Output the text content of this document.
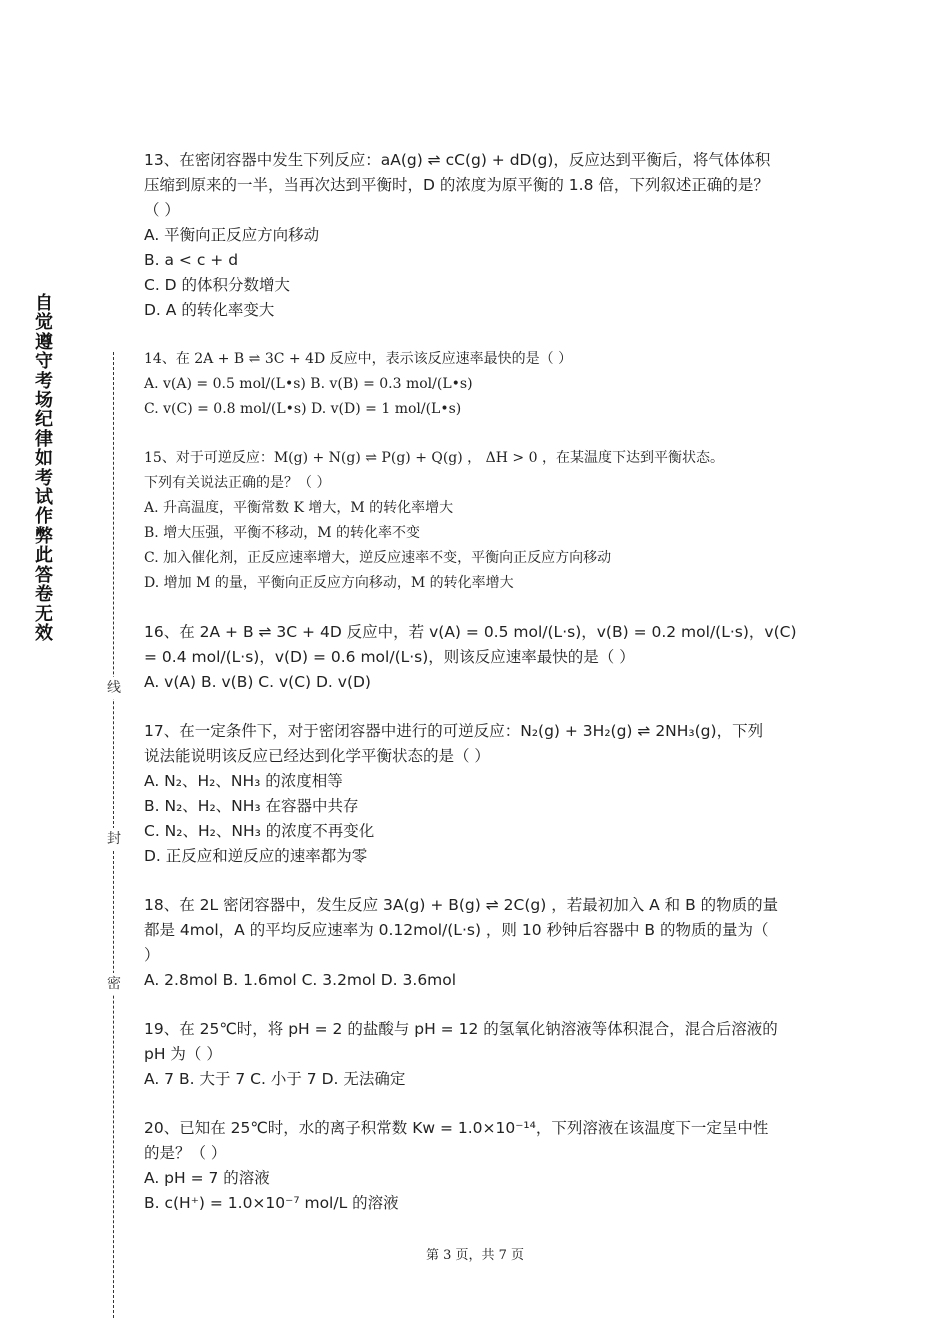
自觉遵守考场纪律如考试作弊此答卷无效
线
封
密
13、在密闭容器中发生下列反应：aA(g) ⇌ cC(g) + dD(g)，反应达到平衡后，将气体体积
压缩到原来的一半，当再次达到平衡时，D 的浓度为原平衡的 1.8 倍，下列叙述正确的是？
（ ）
A. 平衡向正反应方向移动
B. a < c + d
C. D 的体积分数增大
D. A 的转化率变大
14、在 2A + B ⇌ 3C + 4D 反应中，表示该反应速率最快的是（ ）
A. v(A) = 0.5 mol/(L•s) B. v(B) = 0.3 mol/(L•s)
C. v(C) = 0.8 mol/(L•s) D. v(D) = 1 mol/(L•s)
15、对于可逆反应：M(g) + N(g) ⇌ P(g) + Q(g) ， ΔH > 0 ，在某温度下达到平衡状态。
下列有关说法正确的是？（ ）
A. 升高温度，平衡常数 K 增大，M 的转化率增大
B. 增大压强，平衡不移动，M 的转化率不变
C. 加入催化剂，正反应速率增大，逆反应速率不变，平衡向正反应方向移动
D. 增加 M 的量，平衡向正反应方向移动，M 的转化率增大
16、在 2A + B ⇌ 3C + 4D 反应中，若 v(A) = 0.5 mol/(L·s)，v(B) = 0.2 mol/(L·s)，v(C)
= 0.4 mol/(L·s)，v(D) = 0.6 mol/(L·s)，则该反应速率最快的是（ ）
A. v(A) B. v(B) C. v(C) D. v(D)
17、在一定条件下，对于密闭容器中进行的可逆反应：N₂(g) + 3H₂(g) ⇌ 2NH₃(g)，下列
说法能说明该反应已经达到化学平衡状态的是（ ）
A. N₂、H₂、NH₃ 的浓度相等
B. N₂、H₂、NH₃ 在容器中共存
C. N₂、H₂、NH₃ 的浓度不再变化
D. 正反应和逆反应的速率都为零
18、在 2L 密闭容器中，发生反应 3A(g) + B(g) ⇌ 2C(g) ，若最初加入 A 和 B 的物质的量
都是 4mol，A 的平均反应速率为 0.12mol/(L·s) ，则 10 秒钟后容器中 B 的物质的量为（
）
A. 2.8mol B. 1.6mol C. 3.2mol D. 3.6mol
19、在 25℃时，将 pH = 2 的盐酸与 pH = 12 的氢氧化钠溶液等体积混合，混合后溶液的
pH 为（ ）
A. 7 B. 大于 7 C. 小于 7 D. 无法确定
20、已知在 25℃时，水的离子积常数 Kw = 1.0×10⁻¹⁴，下列溶液在该温度下一定呈中性
的是？（ ）
A. pH = 7 的溶液
B. c(H⁺) = 1.0×10⁻⁷ mol/L 的溶液
第 3 页，共 7 页
